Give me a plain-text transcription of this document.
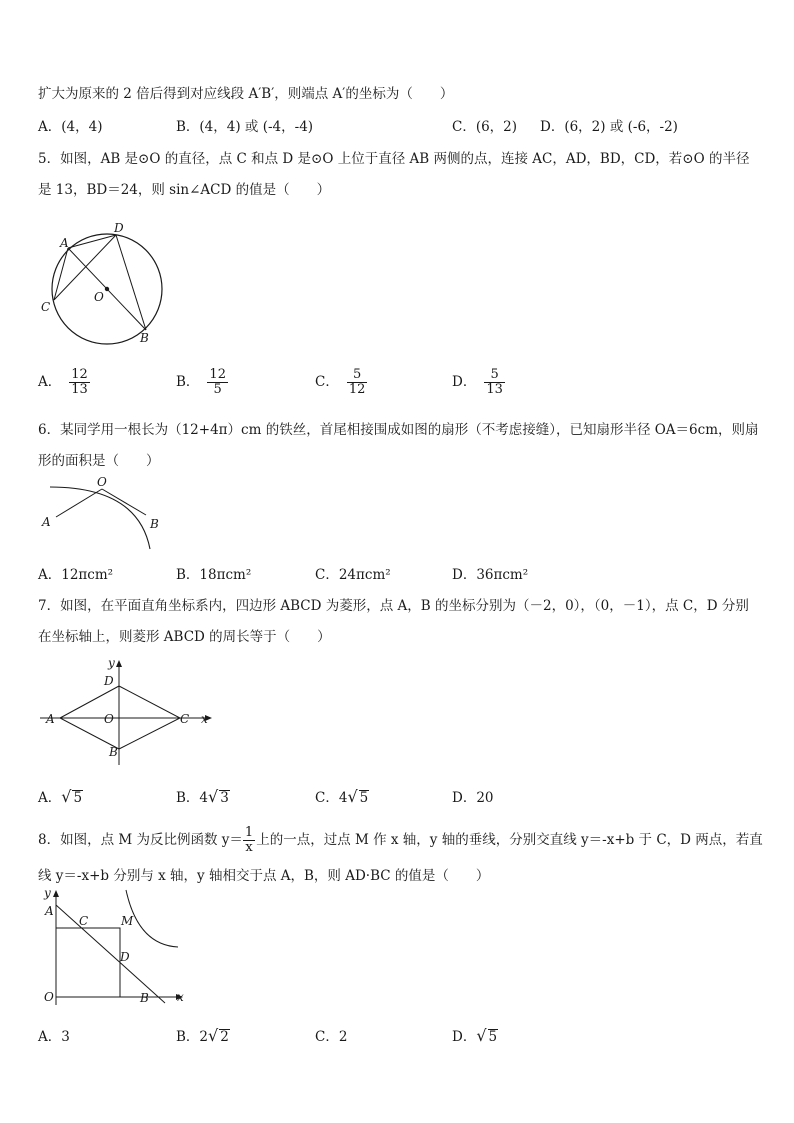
扩大为原来的 2 倍后得到对应线段 A′B′，则端点 A′的坐标为（　　）
A．(4，4)	B．(4，4) 或 (-4，-4)	C．(6，2) D．(6，2) 或 (-6，-2)
5．如图，AB 是⊙O 的直径，点 C 和点 D 是⊙O 上位于直径 AB 两侧的点，连接 AC，AD，BD，CD，若⊙O 的半径
是 13，BD＝24，则 sin∠ACD 的值是（　　）
A
D
C
O
B
A． $\frac{12}{13}$	B． $\frac{12}{5}$	C． $\frac{5}{12}$	D． $\frac{5}{13}$
6．某同学用一根长为（12+4π）cm 的铁丝，首尾相接围成如图的扇形（不考虑接缝），已知扇形半径 OA＝6cm，则扇
形的面积是（　　）
O
A	B
A．12πcm²	B．18πcm²	C．24πcm²	D．36πcm²
7．如图，在平面直角坐标系内，四边形 ABCD 为菱形，点 A，B 的坐标分别为（－2，0），（0，－1），点 C，D 分别
在坐标轴上，则菱形 ABCD 的周长等于（　　）
y
D
A	O	C x
B
A．√ 5	B．4√ 3	C．4√ 5	D．20
8．如图，点 M 为反比例函数 $y= \frac{1}{x}$ 上的一点，过点 M 作 x 轴，y 轴的垂线，分别交直线 y＝-x+b 于 C，D 两点，若直
线 y＝-x+b 分别与 x 轴，y 轴相交于点 A，B，则 AD·BC 的值是（　　）
y
A
C	M
D
O	B x
A．3	B．2√ 2	C．2	D．√ 5
